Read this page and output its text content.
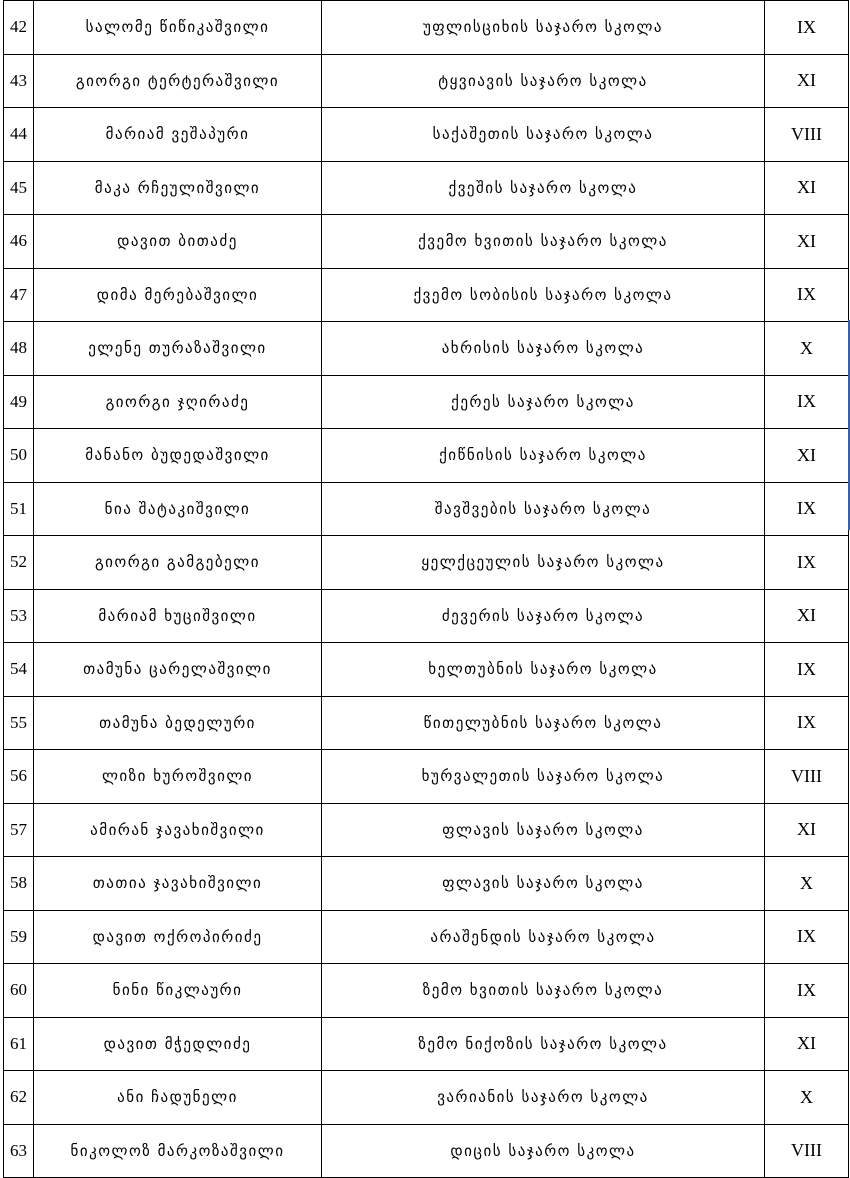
42	სალომე წიწიკაშვილი	უფლისციხის საჯარო სკოლა	IX
43	გიორგი ტერტერაშვილი	ტყვიავის საჯარო სკოლა	XI
44	მარიამ ვეშაპური	საქაშეთის საჯარო სკოლა	VIII
45	მაკა რჩეულიშვილი	ქვეშის საჯარო სკოლა	XI
46	დავით ბითაძე	ქვემო ხვითის საჯარო სკოლა	XI
47	დიმა მერებაშვილი	ქვემო სობისის საჯარო სკოლა	IX
48	ელენე თურაზაშვილი	ახრისის საჯარო სკოლა	X
49	გიორგი ჯღირაძე	ქერეს საჯარო სკოლა	IX
50	მანანო ბუდედაშვილი	ქიწნისის საჯარო სკოლა	XI
51	ნია შატაკიშვილი	შავშვების საჯარო სკოლა	IX
52	გიორგი გამგებელი	ყელქცეულის საჯარო სკოლა	IX
53	მარიამ ხუციშვილი	ძევერის საჯარო სკოლა	XI
54	თამუნა ცარელაშვილი	ხელთუბნის საჯარო სკოლა	IX
55	თამუნა ბედელური	წითელუბნის საჯარო სკოლა	IX
56	ლიზი ხუროშვილი	ხურვალეთის საჯარო სკოლა	VIII
57	ამირან ჯავახიშვილი	ფლავის საჯარო სკოლა	XI
58	თათია ჯავახიშვილი	ფლავის საჯარო სკოლა	X
59	დავით ოქროპირიძე	არაშენდის საჯარო სკოლა	IX
60	ნინი წიკლაური	ზემო ხვითის საჯარო სკოლა	IX
61	დავით მჭედლიძე	ზემო ნიქოზის საჯარო სკოლა	XI
62	ანი ჩადუნელი	ვარიანის საჯარო სკოლა	X
63	ნიკოლოზ მარკოზაშვილი	დიცის საჯარო სკოლა	VIII
